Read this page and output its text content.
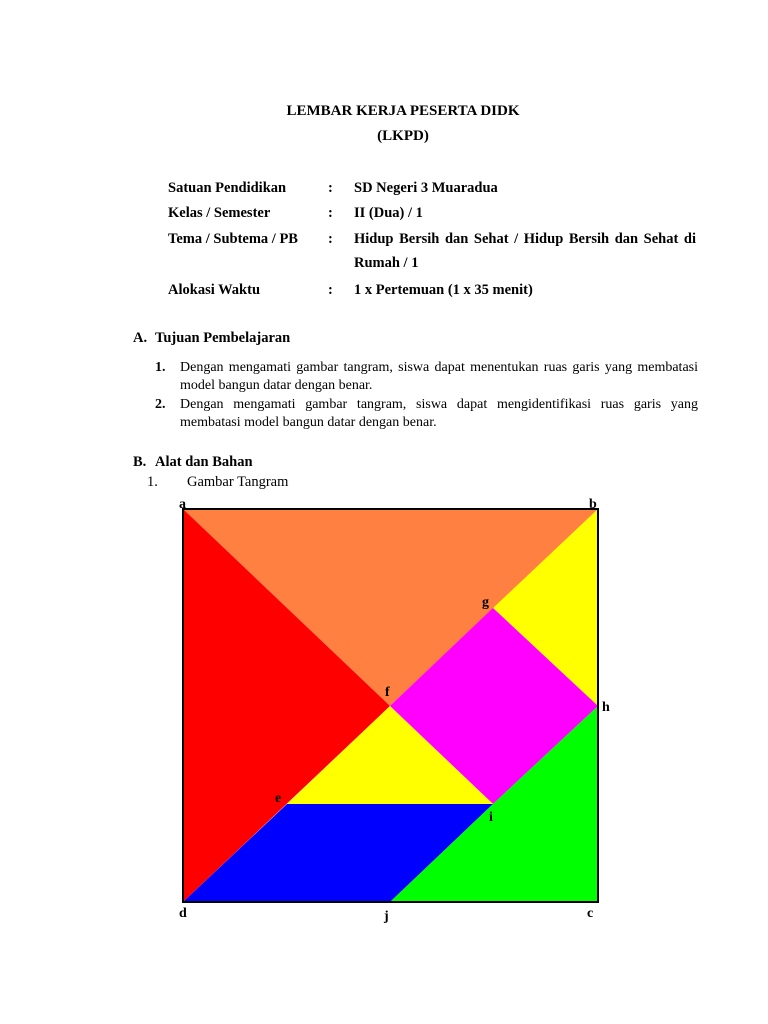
LEMBAR KERJA PESERTA DIDK
(LKPD)
Satuan Pendidikan	: SD Negeri 3 Muaradua
Kelas / Semester	: II (Dua) / 1
Tema / Subtema / PB : Hidup Bersih dan Sehat / Hidup Bersih dan Sehat di Rumah / 1
Alokasi Waktu	: 1 x Pertemuan (1 x 35 menit)
A. Tujuan Pembelajaran
1. Dengan mengamati gambar tangram, siswa dapat menentukan ruas garis yang membatasi model bangun datar dengan benar.
2. Dengan mengamati gambar tangram, siswa dapat mengidentifikasi ruas garis yang membatasi model bangun datar dengan benar.
B. Alat dan Bahan
1. Gambar Tangram
a	b
g
f
h
e
i
d	j	c
